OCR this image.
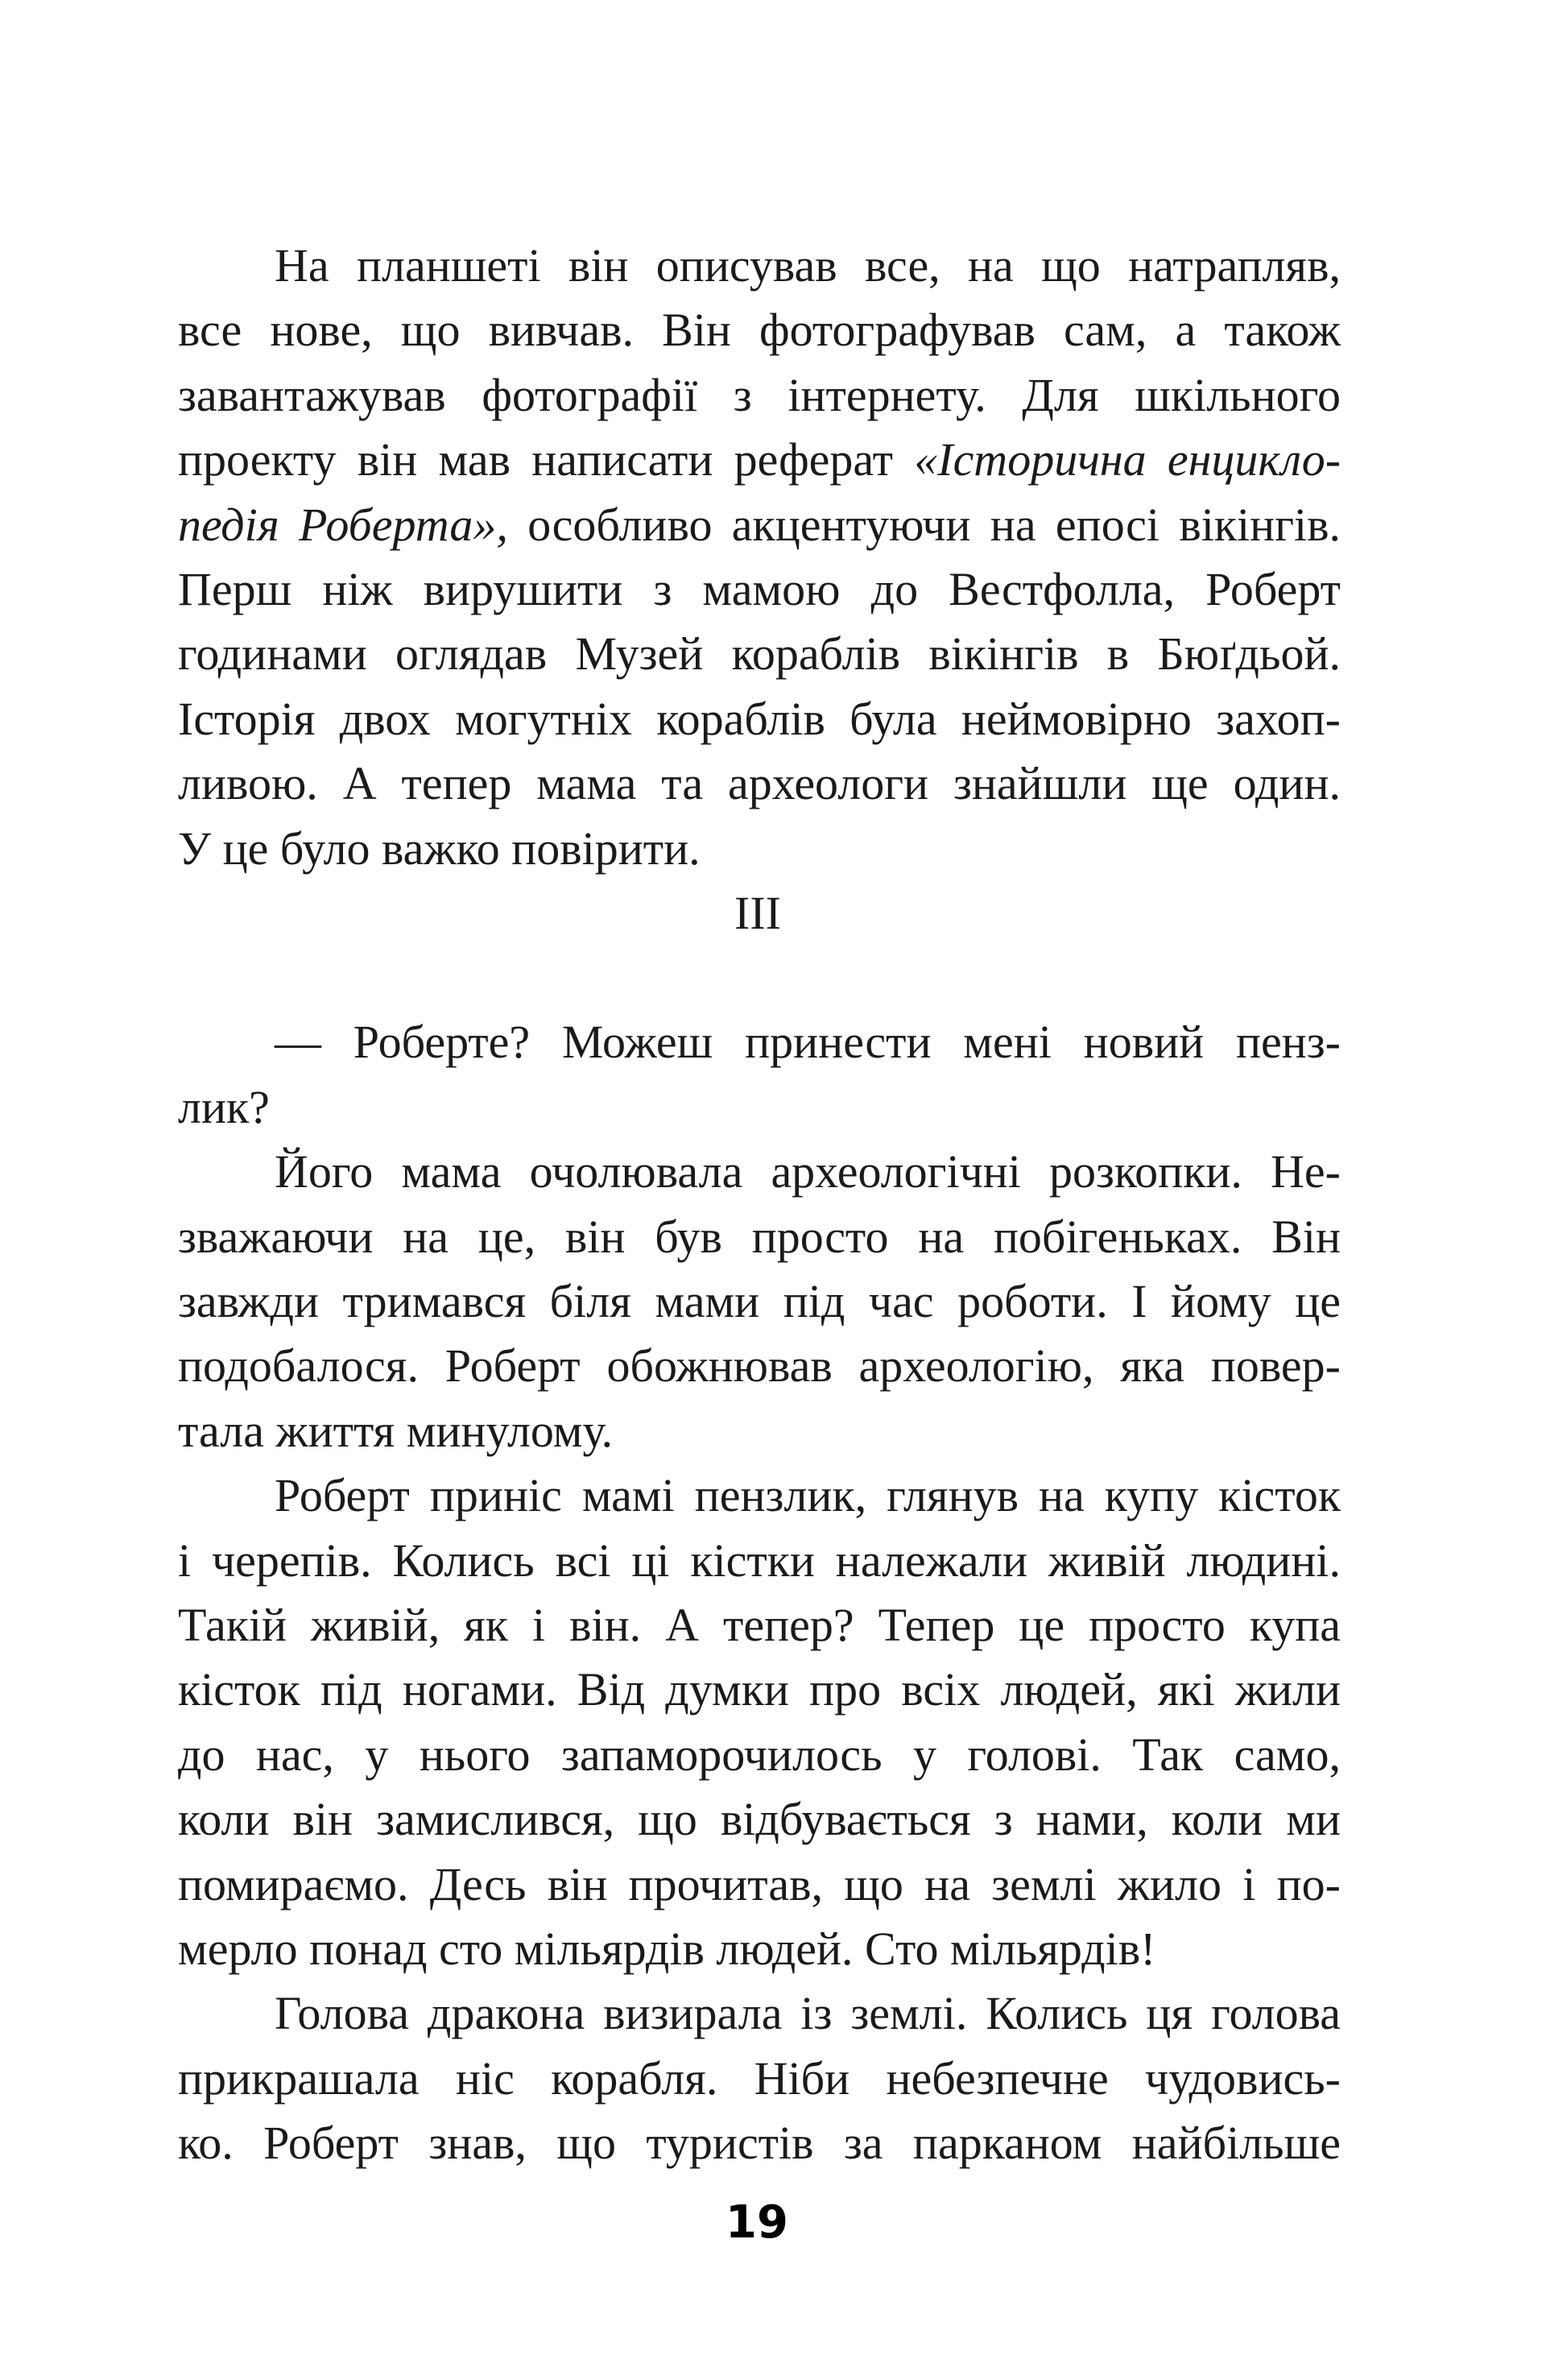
На планшеті він описував все, на що натрапляв,
все нове, що вивчав. Він фотографував сам, а також
завантажував фотографії з інтернету. Для шкільного
проекту він мав написати реферат «Історична енцикло-
педія Роберта», особливо акцентуючи на епосі вікінгів.
Перш ніж вирушити з мамою до Вестфолла, Роберт
годинами оглядав Музей кораблів вікінгів в Бюґдьой.
Історія двох могутніх кораблів була неймовірно захоп-
ливою. А тепер мама та археологи знайшли ще один.
У це було важко повірити.
III
— Роберте? Можеш принести мені новий пенз-
лик?
Його мама очолювала археологічні розкопки. Не-
зважаючи на це, він був просто на побігеньках. Він
завжди тримався біля мами під час роботи. І йому це
подобалося. Роберт обожнював археологію, яка повер-
тала життя минулому.
Роберт приніс мамі пензлик, глянув на купу кісток
і черепів. Колись всі ці кістки належали живій людині.
Такій живій, як і він. А тепер? Тепер це просто купа
кісток під ногами. Від думки про всіх людей, які жили
до нас, у нього запаморочилось у голові. Так само,
коли він замислився, що відбувається з нами, коли ми
помираємо. Десь він прочитав, що на землі жило і по-
мерло понад сто мільярдів людей. Сто мільярдів!
Голова дракона визирала із землі. Колись ця голова
прикрашала ніс корабля. Ніби небезпечне чудовись-
ко. Роберт знав, що туристів за парканом найбільше
19
